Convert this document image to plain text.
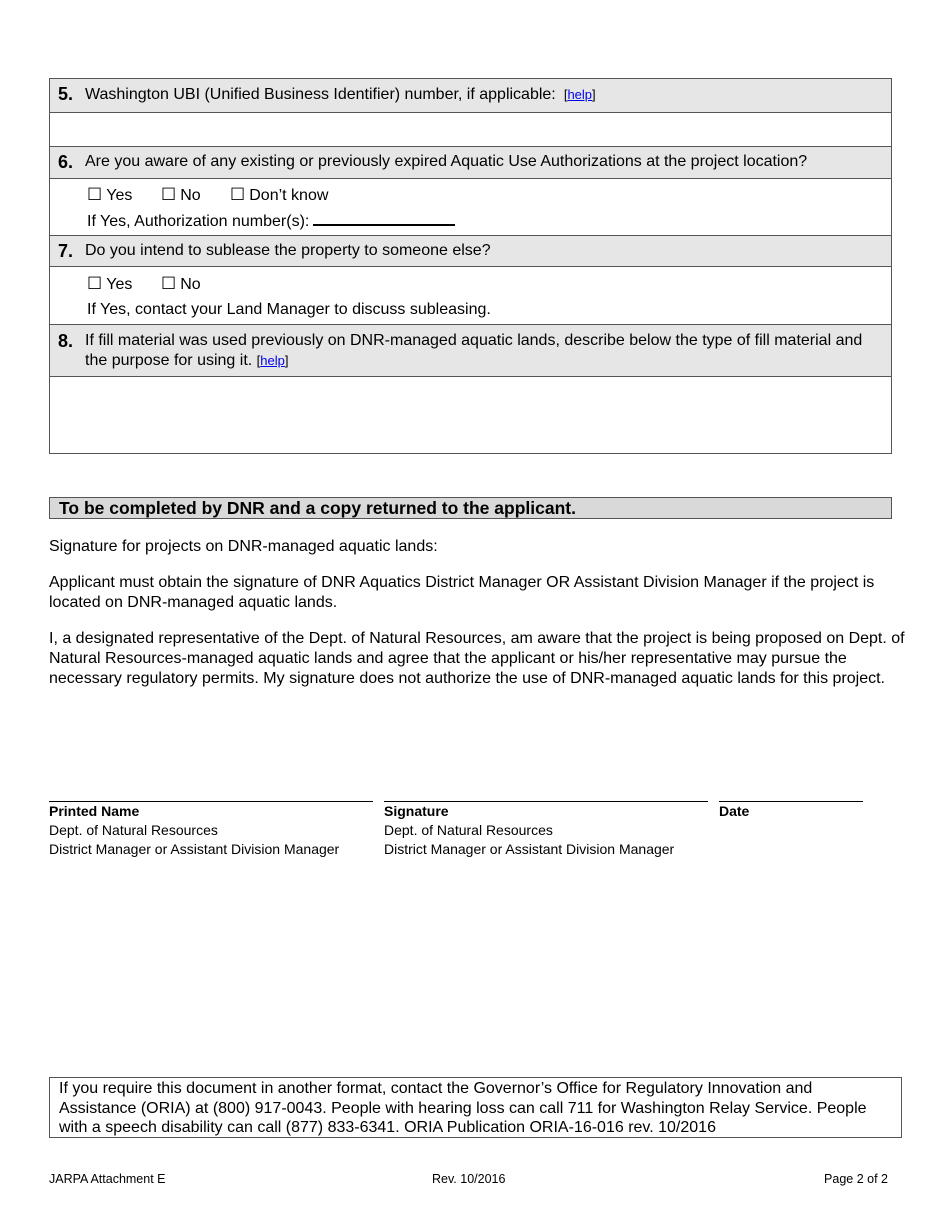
5. Washington UBI (Unified Business Identifier) number, if applicable: [help]
6. Are you aware of any existing or previously expired Aquatic Use Authorizations at the project location?
☐ Yes ☐ No ☐ Don’t know
If Yes, Authorization number(s):
7. Do you intend to sublease the property to someone else?
☐ Yes ☐ No
If Yes, contact your Land Manager to discuss subleasing.
8. If fill material was used previously on DNR-managed aquatic lands, describe below the type of fill material and the purpose for using it. [help]
To be completed by DNR and a copy returned to the applicant.
Signature for projects on DNR-managed aquatic lands:
Applicant must obtain the signature of DNR Aquatics District Manager OR Assistant Division Manager if the project is located on DNR-managed aquatic lands.
I, a designated representative of the Dept. of Natural Resources, am aware that the project is being proposed on Dept. of Natural Resources-managed aquatic lands and agree that the applicant or his/her representative may pursue the necessary regulatory permits. My signature does not authorize the use of DNR-managed aquatic lands for this project.
Printed Name
Dept. of Natural Resources
District Manager or Assistant Division Manager
Signature
Dept. of Natural Resources
District Manager or Assistant Division Manager
Date
If you require this document in another format, contact the Governor’s Office for Regulatory Innovation and Assistance (ORIA) at (800) 917-0043. People with hearing loss can call 711 for Washington Relay Service. People with a speech disability can call (877) 833-6341. ORIA Publication ORIA-16-016 rev. 10/2016
JARPA Attachment E	Rev. 10/2016	Page 2 of 2
